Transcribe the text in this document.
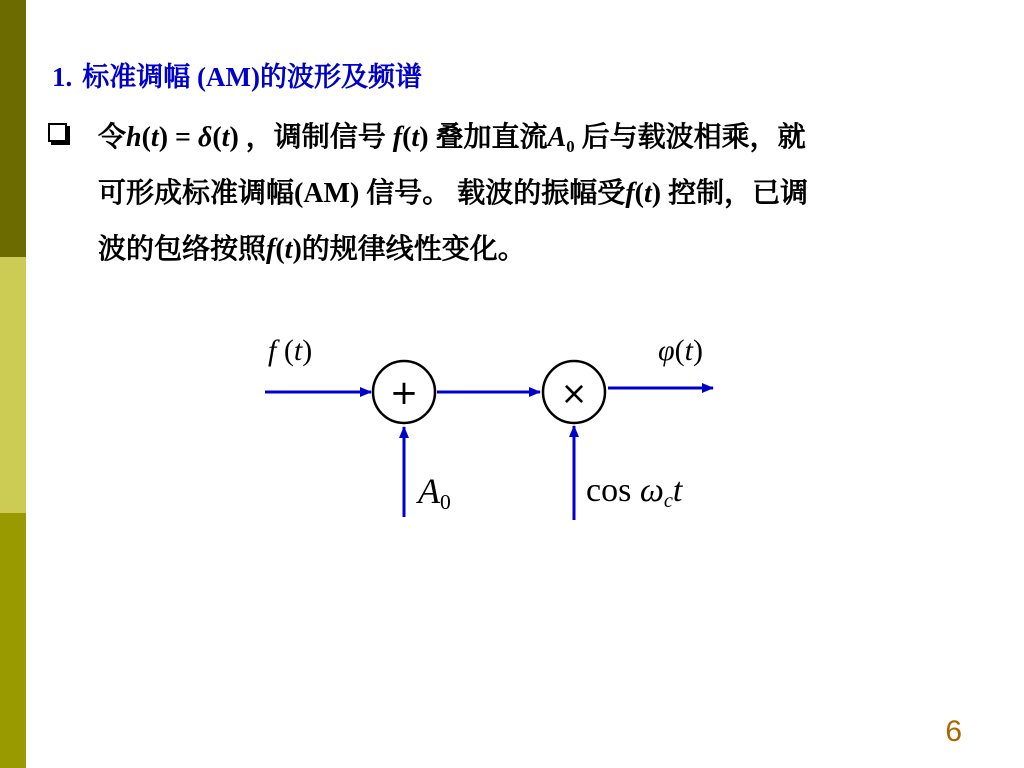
1. 标准调幅 (AM)的波形及频谱
令h(t) = δ(t) ，调制信号 f(t) 叠加直流$A_0$ 后与载波相乘，就
可形成标准调幅(AM) 信号。 载波的振幅受f(t) 控制，已调
波的包络按照f(t)的规律线性变化。
+	×
f (t)	φ(t)
$A_0$	$\cos \omega_ct$
6
